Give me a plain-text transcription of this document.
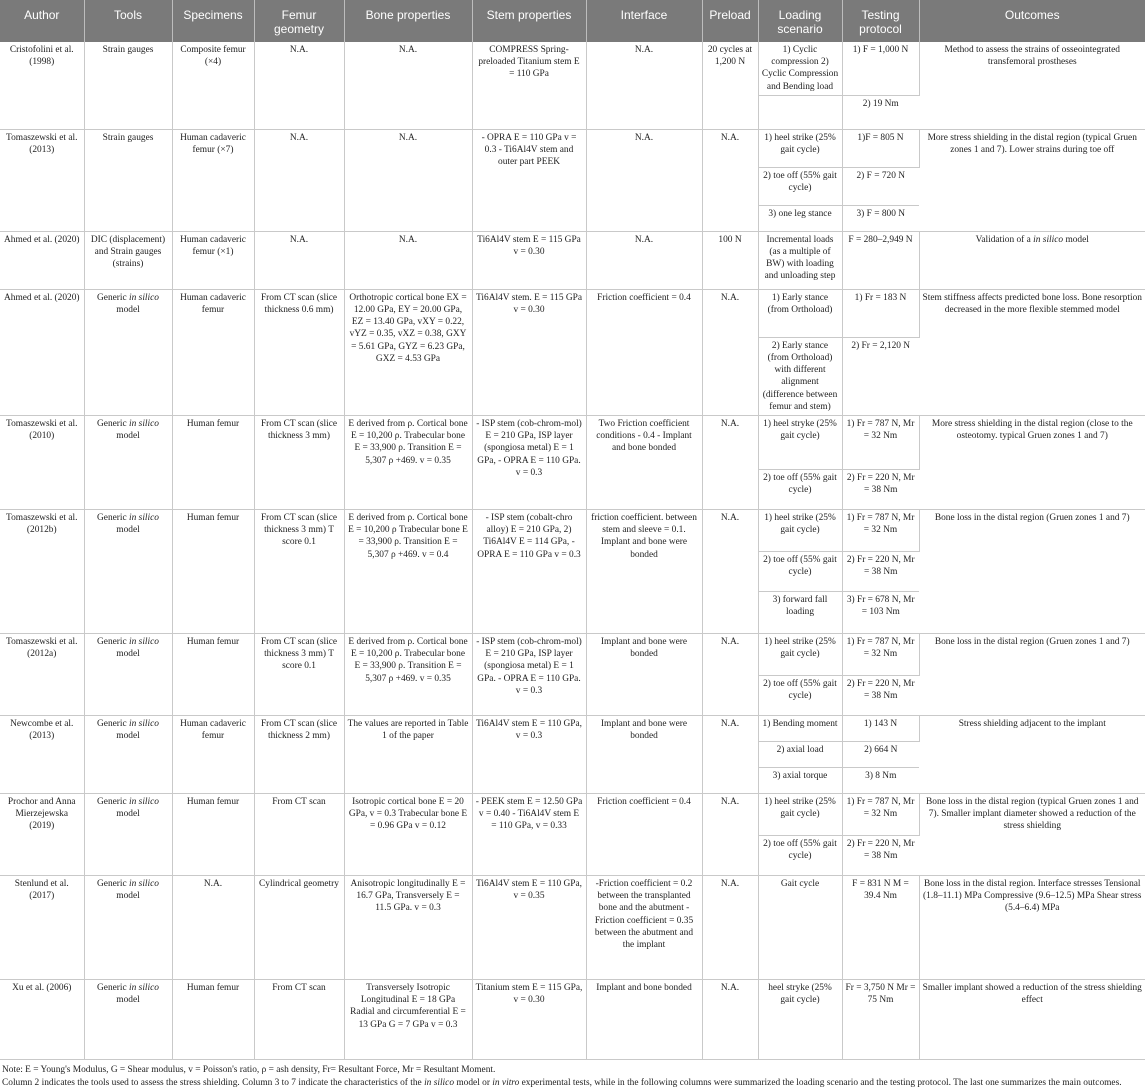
Author	Tools	Specimens	Femur geometry	Bone properties	Stem properties	Interface	Preload	Loading scenario	Testing protocol	Outcomes
Cristofolini et al. (1998)	Strain gauges	Composite femur (×4)	N.A.	N.A.	COMPRESS Spring-preloaded Titanium stem E = 110 GPa	N.A.	20 cycles at 1,200 N	1) Cyclic compression 2) Cyclic Compression and Bending load	1) F = 1,000 N	Method to assess the strains of osseointegrated transfemoral prostheses
									2) 19 Nm	
Tomaszewski et al. (2013)	Strain gauges	Human cadaveric femur (×7)	N.A.	N.A.	- OPRA E = 110 GPa v = 0.3 - Ti6Al4V stem and outer part PEEK	N.A.	N.A.	1) heel strike (25% gait cycle)	1)F = 805 N	More stress shielding in the distal region (typical Gruen zones 1 and 7). Lower strains during toe off
								2) toe off (55% gait cycle)	2) F = 720 N	
								3) one leg stance	3) F = 800 N	
Ahmed et al. (2020)	DIC (displacement) and Strain gauges (strains)	Human cadaveric femur (×1)	N.A.	N.A.	Ti6Al4V stem E = 115 GPa v = 0.30	N.A.	100 N	Incremental loads (as a multiple of BW) with loading and unloading step	F = 280–2,949 N	Validation of a in silico model
Ahmed et al. (2020)	Generic in silico model	Human cadaveric femur	From CT scan (slice thickness 0.6 mm)	Orthotropic cortical bone EX = 12.00 GPa, EY = 20.00 GPa, EZ = 13.40 GPa, vXY = 0.22, vYZ = 0.35, vXZ = 0.38, GXY = 5.61 GPa, GYZ = 6.23 GPa, GXZ = 4.53 GPa	Ti6Al4V stem. E = 115 GPa v = 0.30	Friction coefficient = 0.4	N.A.	1) Early stance (from Orthoload)	1) Fr = 183 N	Stem stiffness affects predicted bone loss. Bone resorption decreased in the more flexible stemmed model
								2) Early stance (from Orthoload) with different alignment (difference between femur and stem)	2) Fr = 2,120 N	
Tomaszewski et al. (2010)	Generic in silico model	Human femur	From CT scan (slice thickness 3 mm)	E derived from ρ. Cortical bone E = 10,200 ρ. Trabecular bone E = 33,900 ρ. Transition E = 5,307 ρ +469. v = 0.35	- ISP stem (cob-chrom-mol) E = 210 GPa, ISP layer (spongiosa metal) E = 1 GPa, - OPRA E = 110 GPa. v = 0.3	Two Friction coefficient conditions - 0.4 - Implant and bone bonded	N.A.	1) heel stryke (25% gait cycle)	1) Fr = 787 N, Mr = 32 Nm	More stress shielding in the distal region (close to the osteotomy. typical Gruen zones 1 and 7)
								2) toe off (55% gait cycle)	2) Fr = 220 N, Mr = 38 Nm	
Tomaszewski et al. (2012b)	Generic in silico model	Human femur	From CT scan (slice thickness 3 mm) T score 0.1	E derived from ρ. Cortical bone E = 10,200 ρ Trabecular bone E = 33,900 ρ. Transition E = 5,307 ρ +469. v = 0.4	- ISP stem (cobalt-chro alloy) E = 210 GPa, 2) Ti6Al4V E = 114 GPa, - OPRA E = 110 GPa v = 0.3	friction coefficient. between stem and sleeve = 0.1. Implant and bone were bonded	N.A.	1) heel strike (25% gait cycle)	1) Fr = 787 N, Mr = 32 Nm	Bone loss in the distal region (Gruen zones 1 and 7)
								2) toe off (55% gait cycle)	2) Fr = 220 N, Mr = 38 Nm	
								3) forward fall loading	3) Fr = 678 N, Mr = 103 Nm	
Tomaszewski et al. (2012a)	Generic in silico model	Human femur	From CT scan (slice thickness 3 mm) T score 0.1	E derived from ρ. Cortical bone E = 10,200 ρ. Trabecular bone E = 33,900 ρ. Transition E = 5,307 ρ +469. v = 0.35	- ISP stem (cob-chrom-mol) E = 210 GPa, ISP layer (spongiosa metal) E = 1 GPa. - OPRA E = 110 GPa. v = 0.3	Implant and bone were bonded	N.A.	1) heel strike (25% gait cycle)	1) Fr = 787 N, Mr = 32 Nm	Bone loss in the distal region (Gruen zones 1 and 7)
								2) toe off (55% gait cycle)	2) Fr = 220 N, Mr = 38 Nm	
Newcombe et al. (2013)	Generic in silico model	Human cadaveric femur	From CT scan (slice thickness 2 mm)	The values are reported in Table 1 of the paper	Ti6Al4V stem E = 110 GPa, v = 0.3	Implant and bone were bonded	N.A.	1) Bending moment	1) 143 N	Stress shielding adjacent to the implant
								2) axial load	2) 664 N	
								3) axial torque	3) 8 Nm	
Prochor and Anna Mierzejewska (2019)	Generic in silico model	Human femur	From CT scan	Isotropic cortical bone E = 20 GPa, v = 0.3 Trabecular bone E = 0.96 GPa v = 0.12	- PEEK stem E = 12.50 GPa v = 0.40 - Ti6Al4V stem E = 110 GPa, v = 0.33	Friction coefficient = 0.4	N.A.	1) heel strike (25% gait cycle)	1) Fr = 787 N, Mr = 32 Nm	Bone loss in the distal region (typical Gruen zones 1 and 7). Smaller implant diameter showed a reduction of the stress shielding
								2) toe off (55% gait cycle)	2) Fr = 220 N, Mr = 38 Nm	
Stenlund et al. (2017)	Generic in silico model	N.A.	Cylindrical geometry	Anisotropic longitudinally E = 16.7 GPa, Transversely E = 11.5 GPa. v = 0.3	Ti6Al4V stem E = 110 GPa, v = 0.35	-Friction coefficient = 0.2 between the transplanted bone and the abutment - Friction coefficient = 0.35 between the abutment and the implant	N.A.	Gait cycle	F = 831 N M = 39.4 Nm	Bone loss in the distal region. Interface stresses Tensional (1.8–11.1) MPa Compressive (9.6–12.5) MPa Shear stress (5.4–6.4) MPa
Xu et al. (2006)	Generic in silico model	Human femur	From CT scan	Transversely Isotropic Longitudinal E = 18 GPa Radial and circumferential E = 13 GPa G = 7 GPa v = 0.3	Titanium stem E = 115 GPa, v = 0.30	Implant and bone bonded	N.A.	heel stryke (25% gait cycle)	Fr = 3,750 N Mr = 75 Nm	Smaller implant showed a reduction of the stress shielding effect

Note: E = Young's Modulus, G = Shear modulus, v = Poisson's ratio, ρ = ash density, Fr= Resultant Force, Mr = Resultant Moment.

Column 2 indicates the tools used to assess the stress shielding. Column 3 to 7 indicate the characteristics of the in silico model or in vitro experimental tests, while in the following columns were summarized the loading scenario and the testing protocol. The last one summarizes the main outcomes.
